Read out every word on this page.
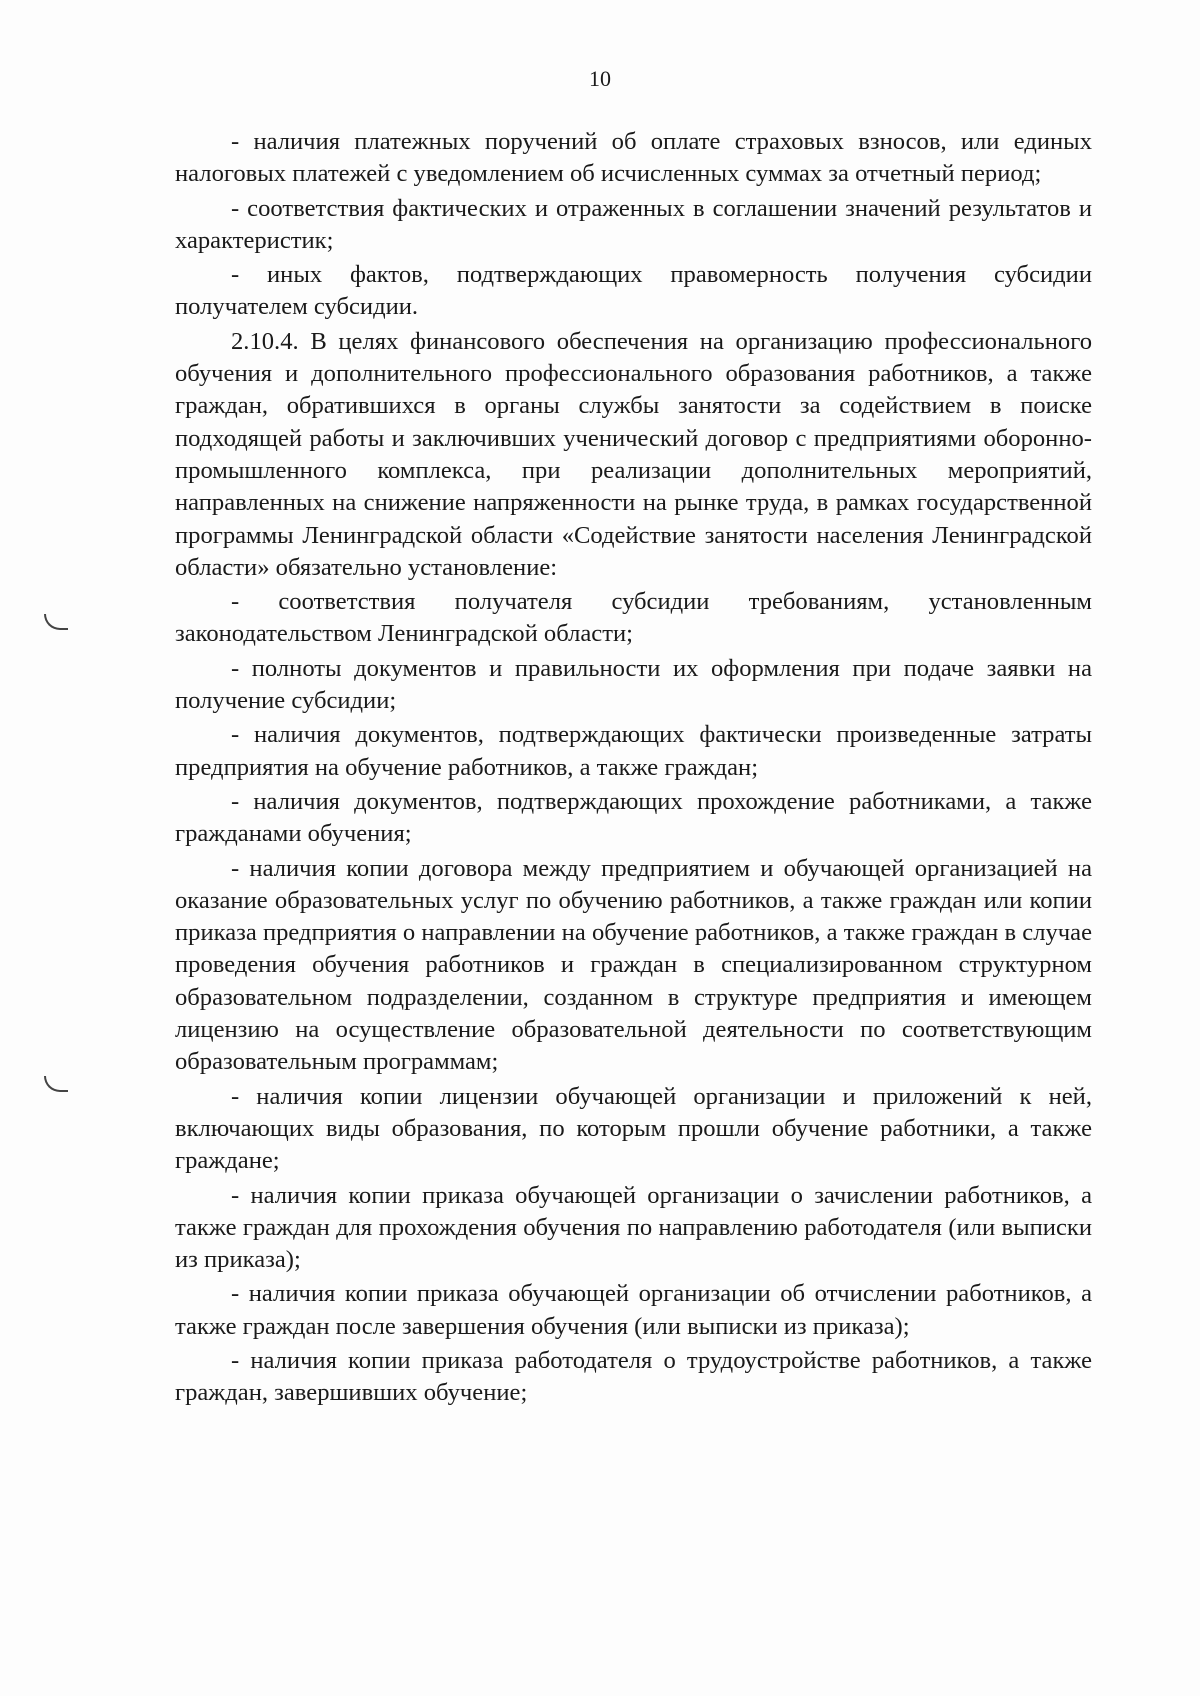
10

- наличия платежных поручений об оплате страховых взносов, или единых налоговых платежей с уведомлением об исчисленных суммах за отчетный период;

- соответствия фактических и отраженных в соглашении значений результатов и характеристик;

- иных фактов, подтверждающих правомерность получения субсидии получателем субсидии.

2.10.4. В целях финансового обеспечения на организацию профессионального обучения и дополнительного профессионального образования работников, а также граждан, обратившихся в органы службы занятости за содействием в поиске подходящей работы и заключивших ученический договор с предприятиями оборонно-промышленного комплекса, при реализации дополнительных мероприятий, направленных на снижение напряженности на рынке труда, в рамках государственной программы Ленинградской области «Содействие занятости населения Ленинградской области» обязательно установление:

- соответствия получателя субсидии требованиям, установленным законодательством Ленинградской области;

- полноты документов и правильности их оформления при подаче заявки на получение субсидии;

- наличия документов, подтверждающих фактически произведенные затраты предприятия на обучение работников, а также граждан;

- наличия документов, подтверждающих прохождение работниками, а также гражданами обучения;

- наличия копии договора между предприятием и обучающей организацией на оказание образовательных услуг по обучению работников, а также граждан или копии приказа предприятия о направлении на обучение работников, а также граждан в случае проведения обучения работников и граждан в специализированном структурном образовательном подразделении, созданном в структуре предприятия и имеющем лицензию на осуществление образовательной деятельности по соответствующим образовательным программам;

- наличия копии лицензии обучающей организации и приложений к ней, включающих виды образования, по которым прошли обучение работники, а также граждане;

- наличия копии приказа обучающей организации о зачислении работников, а также граждан для прохождения обучения по направлению работодателя (или выписки из приказа);

- наличия копии приказа обучающей организации об отчислении работников, а также граждан после завершения обучения (или выписки из приказа);

- наличия копии приказа работодателя о трудоустройстве работников, а также граждан, завершивших обучение;
